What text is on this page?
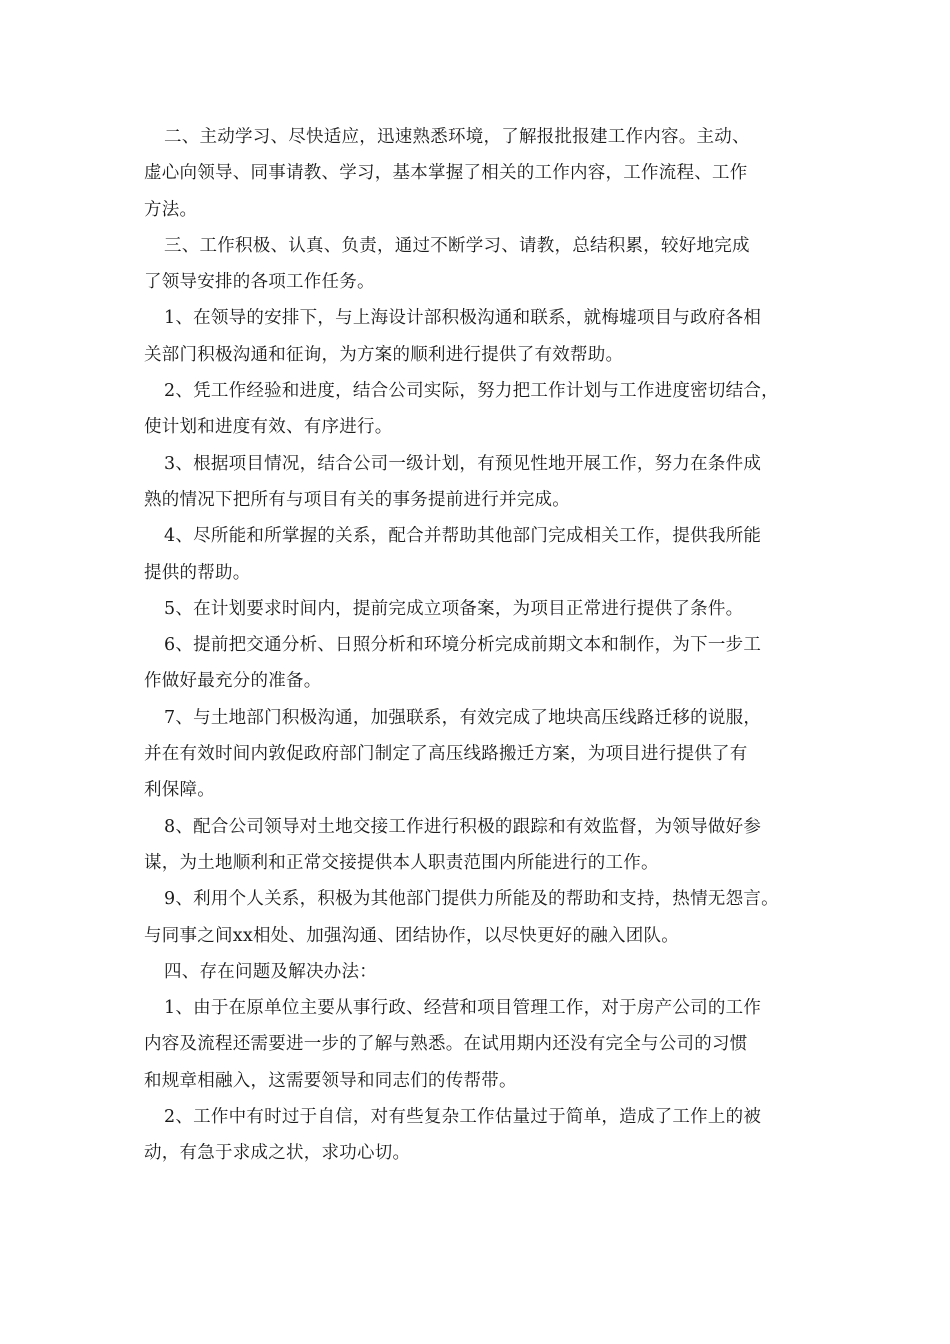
二、主动学习、尽快适应，迅速熟悉环境，了解报批报建工作内容。主动、
虚心向领导、同事请教、学习，基本掌握了相关的工作内容，工作流程、工作
方法。
三、工作积极、认真、负责，通过不断学习、请教，总结积累，较好地完成
了领导安排的各项工作任务。
1、在领导的安排下，与上海设计部积极沟通和联系，就梅墟项目与政府各相
关部门积极沟通和征询，为方案的顺利进行提供了有效帮助。
2、凭工作经验和进度，结合公司实际，努力把工作计划与工作进度密切结合，
使计划和进度有效、有序进行。
3、根据项目情况，结合公司一级计划，有预见性地开展工作，努力在条件成
熟的情况下把所有与项目有关的事务提前进行并完成。
4、尽所能和所掌握的关系，配合并帮助其他部门完成相关工作，提供我所能
提供的帮助。
5、在计划要求时间内，提前完成立项备案，为项目正常进行提供了条件。
6、提前把交通分析、日照分析和环境分析完成前期文本和制作，为下一步工
作做好最充分的准备。
7、与土地部门积极沟通，加强联系，有效完成了地块高压线路迁移的说服，
并在有效时间内敦促政府部门制定了高压线路搬迁方案，为项目进行提供了有
利保障。
8、配合公司领导对土地交接工作进行积极的跟踪和有效监督，为领导做好参
谋，为土地顺利和正常交接提供本人职责范围内所能进行的工作。
9、利用个人关系，积极为其他部门提供力所能及的帮助和支持，热情无怨言。
与同事之间xx相处、加强沟通、团结协作，以尽快更好的融入团队。
四、存在问题及解决办法：
1、由于在原单位主要从事行政、经营和项目管理工作，对于房产公司的工作
内容及流程还需要进一步的了解与熟悉。在试用期内还没有完全与公司的习惯
和规章相融入，这需要领导和同志们的传帮带。
2、工作中有时过于自信，对有些复杂工作估量过于简单，造成了工作上的被
动，有急于求成之状，求功心切。
